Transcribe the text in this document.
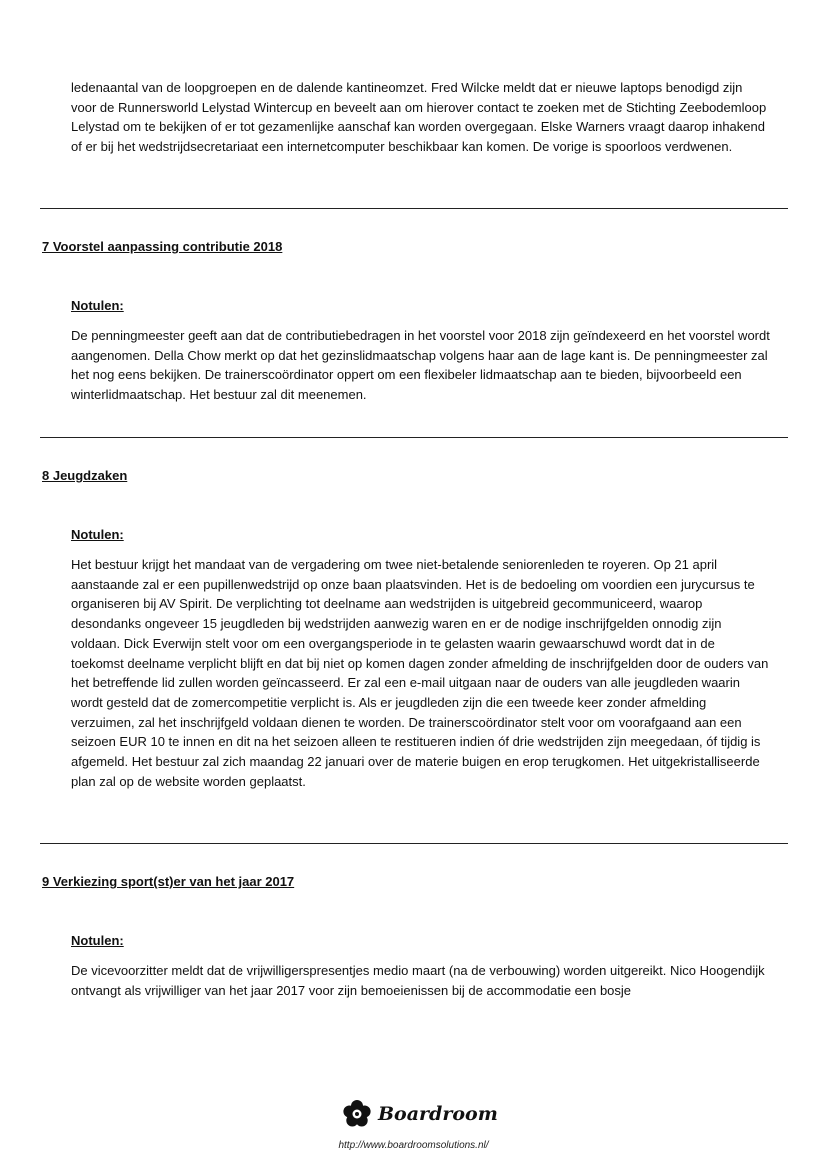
ledenaantal van de loopgroepen en de dalende kantineomzet. Fred Wilcke meldt dat er nieuwe laptops benodigd zijn voor de Runnersworld Lelystad Wintercup en beveelt aan om hierover contact te zoeken met de Stichting Zeebodemloop Lelystad om te bekijken of er tot gezamenlijke aanschaf kan worden overgegaan. Elske Warners vraagt daarop inhakend of er bij het wedstrijdsecretariaat een internetcomputer beschikbaar kan komen. De vorige is spoorloos verdwenen.

7 Voorstel aanpassing contributie 2018
Notulen:

De penningmeester geeft aan dat de contributiebedragen in het voorstel voor 2018 zijn geïndexeerd en het voorstel wordt aangenomen. Della Chow merkt op dat het gezinslidmaatschap volgens haar aan de lage kant is. De penningmeester zal het nog eens bekijken. De trainerscoördinator oppert om een flexibeler lidmaatschap aan te bieden, bijvoorbeeld een winterlidmaatschap. Het bestuur zal dit meenemen.

8 Jeugdzaken
Notulen:

Het bestuur krijgt het mandaat van de vergadering om twee niet-betalende seniorenleden te royeren. Op 21 april aanstaande zal er een pupillenwedstrijd op onze baan plaatsvinden. Het is de bedoeling om voordien een jurycursus te organiseren bij AV Spirit. De verplichting tot deelname aan wedstrijden is uitgebreid gecommuniceerd, waarop desondanks ongeveer 15 jeugdleden bij wedstrijden aanwezig waren en er de nodige inschrijfgelden onnodig zijn voldaan. Dick Everwijn stelt voor om een overgangsperiode in te gelasten waarin gewaarschuwd wordt dat in de toekomst deelname verplicht blijft en dat bij niet op komen dagen zonder afmelding de inschrijfgelden door de ouders van het betreffende lid zullen worden geïncasseerd. Er zal een e-mail uitgaan naar de ouders van alle jeugdleden waarin wordt gesteld dat de zomercompetitie verplicht is. Als er jeugdleden zijn die een tweede keer zonder afmelding verzuimen, zal het inschrijfgeld voldaan dienen te worden. De trainerscoördinator stelt voor om voorafgaand aan een seizoen EUR 10 te innen en dit na het seizoen alleen te restitueren indien óf drie wedstrijden zijn meegedaan, óf tijdig is afgemeld. Het bestuur zal zich maandag 22 januari over de materie buigen en erop terugkomen. Het uitgekristalliseerde plan zal op de website worden geplaatst.

9 Verkiezing sport(st)er van het jaar 2017
Notulen:

De vicevoorzitter meldt dat de vrijwilligerspresentjes medio maart (na de verbouwing) worden uitgereikt. Nico Hoogendijk ontvangt als vrijwilliger van het jaar 2017 voor zijn bemoeienissen bij de accommodatie een bosje

Boardroom
http://www.boardroomsolutions.nl/
